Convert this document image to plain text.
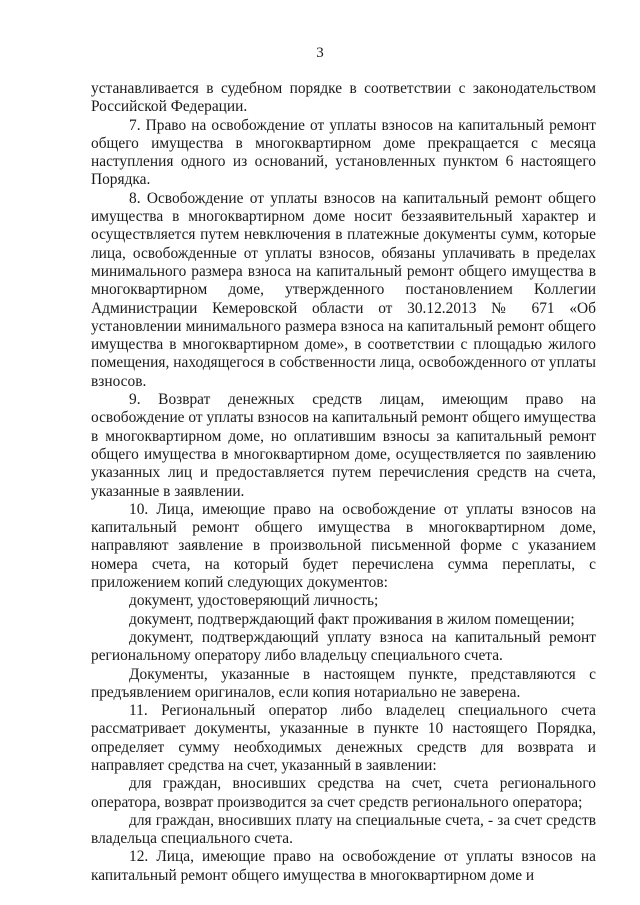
3

устанавливается в судебном порядке в соответствии с законодательством Российской Федерации.

7. Право на освобождение от уплаты взносов на капитальный ремонт общего имущества в многоквартирном доме прекращается с месяца наступления одного из оснований, установленных пунктом 6 настоящего Порядка.

8. Освобождение от уплаты взносов на капитальный ремонт общего имущества в многоквартирном доме носит беззаявительный характер и осуществляется путем невключения в платежные документы сумм, которые лица, освобожденные от уплаты взносов, обязаны уплачивать в пределах минимального размера взноса на капитальный ремонт общего имущества в многоквартирном доме, утвержденного постановлением Коллегии Администрации Кемеровской области от 30.12.2013 № 671 «Об установлении минимального размера взноса на капитальный ремонт общего имущества в многоквартирном доме», в соответствии с площадью жилого помещения, находящегося в собственности лица, освобожденного от уплаты взносов.

9. Возврат денежных средств лицам, имеющим право на освобождение от уплаты взносов на капитальный ремонт общего имущества в многоквартирном доме, но оплатившим взносы за капитальный ремонт общего имущества в многоквартирном доме, осуществляется по заявлению указанных лиц и предоставляется путем перечисления средств на счета, указанные в заявлении.

10. Лица, имеющие право на освобождение от уплаты взносов на капитальный ремонт общего имущества в многоквартирном доме, направляют заявление в произвольной письменной форме с указанием номера счета, на который будет перечислена сумма переплаты, с приложением копий следующих документов:

документ, удостоверяющий личность;

документ, подтверждающий факт проживания в жилом помещении;

документ, подтверждающий уплату взноса на капитальный ремонт региональному оператору либо владельцу специального счета.

Документы, указанные в настоящем пункте, представляются с предъявлением оригиналов, если копия нотариально не заверена.

11. Региональный оператор либо владелец специального счета рассматривает документы, указанные в пункте 10 настоящего Порядка, определяет сумму необходимых денежных средств для возврата и направляет средства на счет, указанный в заявлении:

для граждан, вносивших средства на счет, счета регионального оператора, возврат производится за счет средств регионального оператора;

для граждан, вносивших плату на специальные счета, - за счет средств владельца специального счета.

12. Лица, имеющие право на освобождение от уплаты взносов на капитальный ремонт общего имущества в многоквартирном доме и
